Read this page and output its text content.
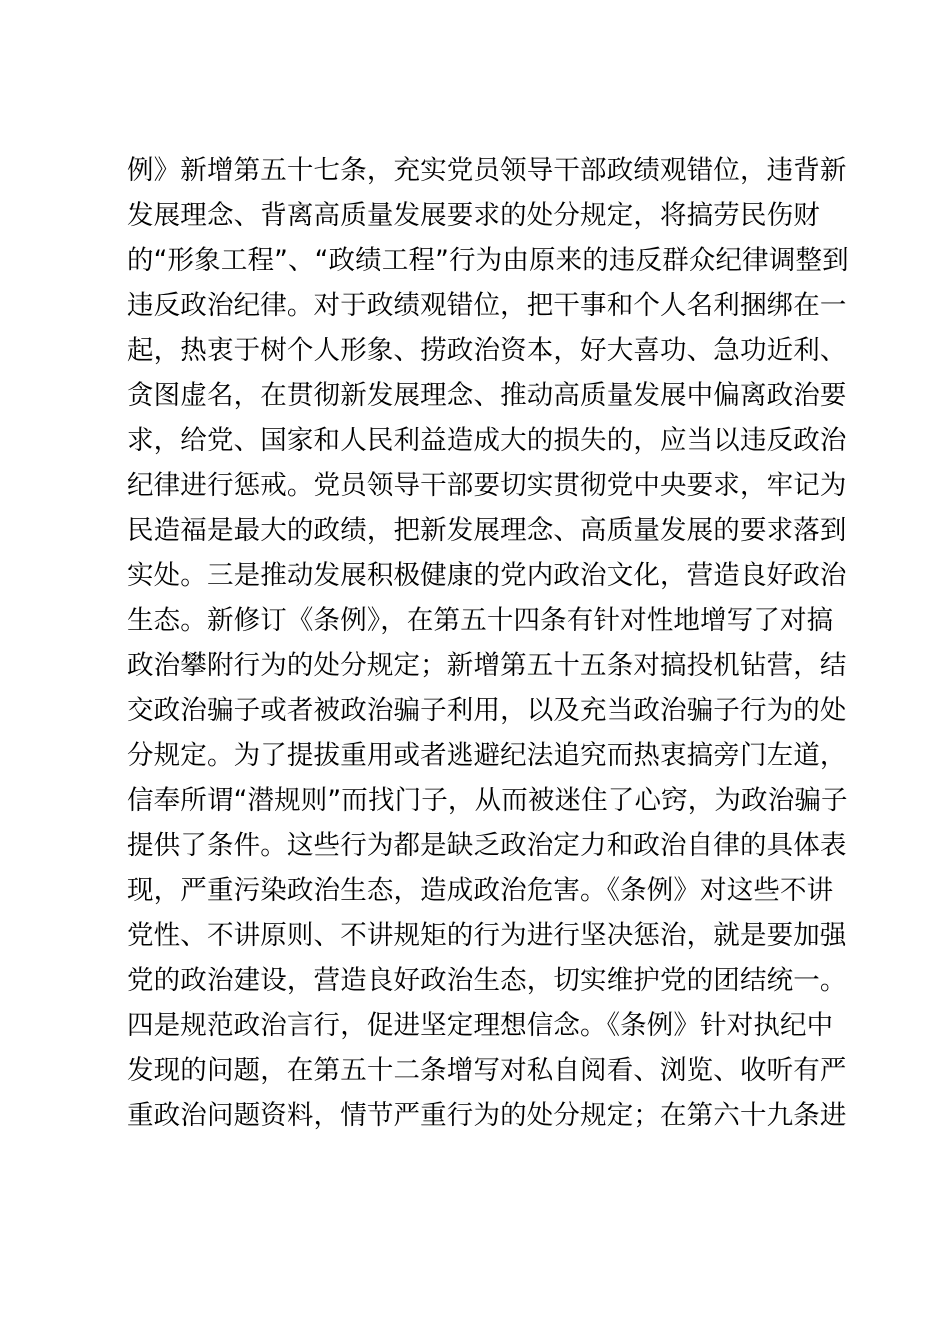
例》新增第五十七条，充实党员领导干部政绩观错位，违背新
发展理念、背离高质量发展要求的处分规定，将搞劳民伤财
的“形象工程”、“政绩工程”行为由原来的违反群众纪律调整到
违反政治纪律。对于政绩观错位，把干事和个人名利捆绑在一
起，热衷于树个人形象、捞政治资本，好大喜功、急功近利、
贪图虚名，在贯彻新发展理念、推动高质量发展中偏离政治要
求，给党、国家和人民利益造成大的损失的，应当以违反政治
纪律进行惩戒。党员领导干部要切实贯彻党中央要求，牢记为
民造福是最大的政绩，把新发展理念、高质量发展的要求落到
实处。三是推动发展积极健康的党内政治文化，营造良好政治
生态。新修订《条例》，在第五十四条有针对性地增写了对搞
政治攀附行为的处分规定；新增第五十五条对搞投机钻营，结
交政治骗子或者被政治骗子利用，以及充当政治骗子行为的处
分规定。为了提拔重用或者逃避纪法追究而热衷搞旁门左道，
信奉所谓“潜规则”而找门子，从而被迷住了心窍，为政治骗子
提供了条件。这些行为都是缺乏政治定力和政治自律的具体表
现，严重污染政治生态，造成政治危害。《条例》对这些不讲
党性、不讲原则、不讲规矩的行为进行坚决惩治，就是要加强
党的政治建设，营造良好政治生态，切实维护党的团结统一。
四是规范政治言行，促进坚定理想信念。《条例》针对执纪中
发现的问题，在第五十二条增写对私自阅看、浏览、收听有严
重政治问题资料，情节严重行为的处分规定；在第六十九条进
